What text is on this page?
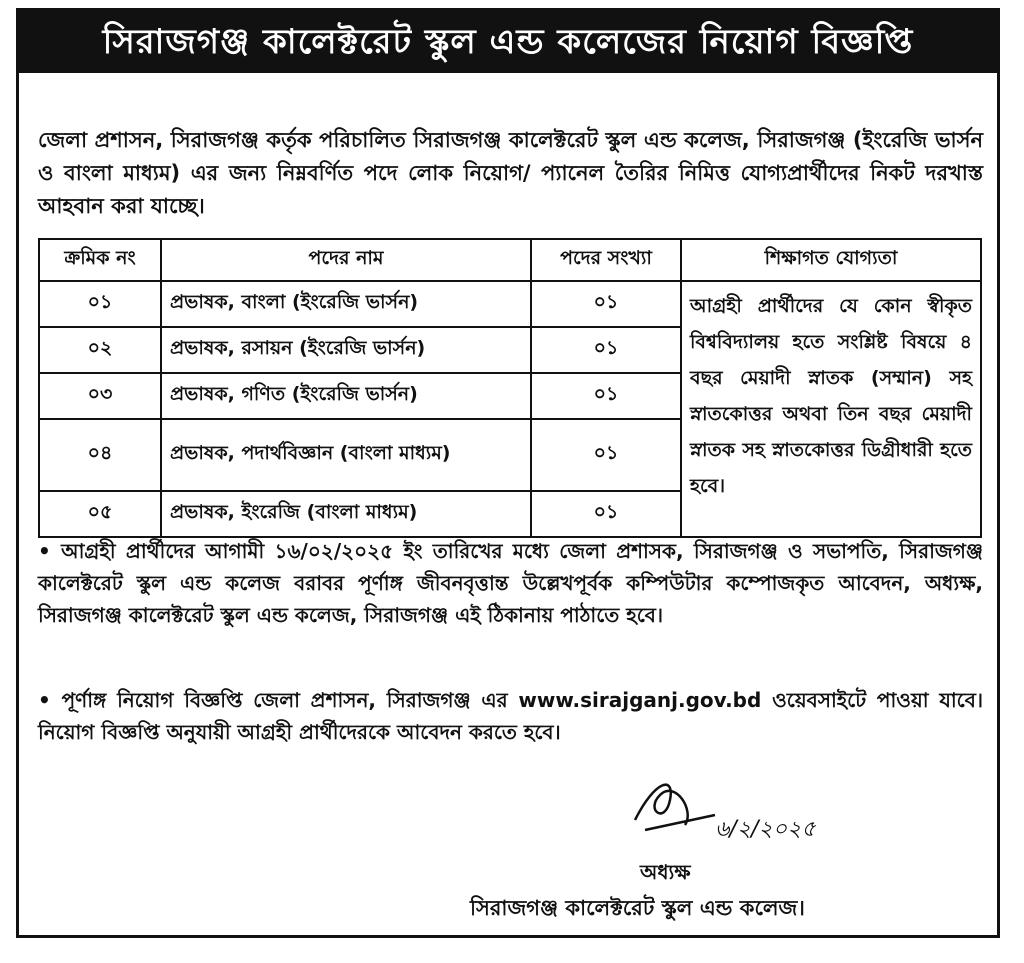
সিরাজগঞ্জ কালেক্টরেট স্কুল এন্ড কলেজের নিয়োগ বিজ্ঞপ্তি
জেলা প্রশাসন, সিরাজগঞ্জ কর্তৃক পরিচালিত সিরাজগঞ্জ কালেক্টরেট স্কুল এন্ড কলেজ, সিরাজগঞ্জ (ইংরেজি ভার্সন ও বাংলা মাধ্যম) এর জন্য নিম্নবর্ণিত পদে লোক নিয়োগ/ প্যানেল তৈরির নিমিত্ত যোগ্যপ্রার্থীদের নিকট দরখাস্ত আহবান করা যাচ্ছে।
ক্রমিক নং	পদের নাম	পদের সংখ্যা	শিক্ষাগত যোগ্যতা
০১	প্রভাষক, বাংলা (ইংরেজি ভার্সন)	০১	আগ্রহী প্রার্থীদের যে কোন স্বীকৃত বিশ্ববিদ্যালয় হতে সংশ্লিষ্ট বিষয়ে ৪ বছর মেয়াদী স্নাতক (সম্মান) সহ স্নাতকোত্তর অথবা তিন বছর মেয়াদী স্নাতক সহ স্নাতকোত্তর ডিগ্রীধারী হতে হবে।
০২	প্রভাষক, রসায়ন (ইংরেজি ভার্সন)	০১	
০৩	প্রভাষক, গণিত (ইংরেজি ভার্সন)	০১	
০৪	প্রভাষক, পদার্থবিজ্ঞান (বাংলা মাধ্যম)	০১	
০৫	প্রভাষক, ইংরেজি (বাংলা মাধ্যম)	০১	
• আগ্রহী প্রার্থীদের আগামী ১৬/০২/২০২৫ ইং তারিখের মধ্যে জেলা প্রশাসক, সিরাজগঞ্জ ও সভাপতি, সিরাজগঞ্জ কালেক্টরেট স্কুল এন্ড কলেজ বরাবর পূর্ণাঙ্গ জীবনবৃত্তান্ত উল্লেখপূর্বক কম্পিউটার কম্পোজকৃত আবেদন, অধ্যক্ষ, সিরাজগঞ্জ কালেক্টরেট স্কুল এন্ড কলেজ, সিরাজগঞ্জ এই ঠিকানায় পাঠাতে হবে।
• পূর্ণাঙ্গ নিয়োগ বিজ্ঞপ্তি জেলা প্রশাসন, সিরাজগঞ্জ এর www.sirajganj.gov.bd ওয়েবসাইটে পাওয়া যাবে। নিয়োগ বিজ্ঞপ্তি অনুযায়ী আগ্রহী প্রার্থীদেরকে আবেদন করতে হবে।
৬/২/২০২৫
অধ্যক্ষ
সিরাজগঞ্জ কালেক্টরেট স্কুল এন্ড কলেজ।
